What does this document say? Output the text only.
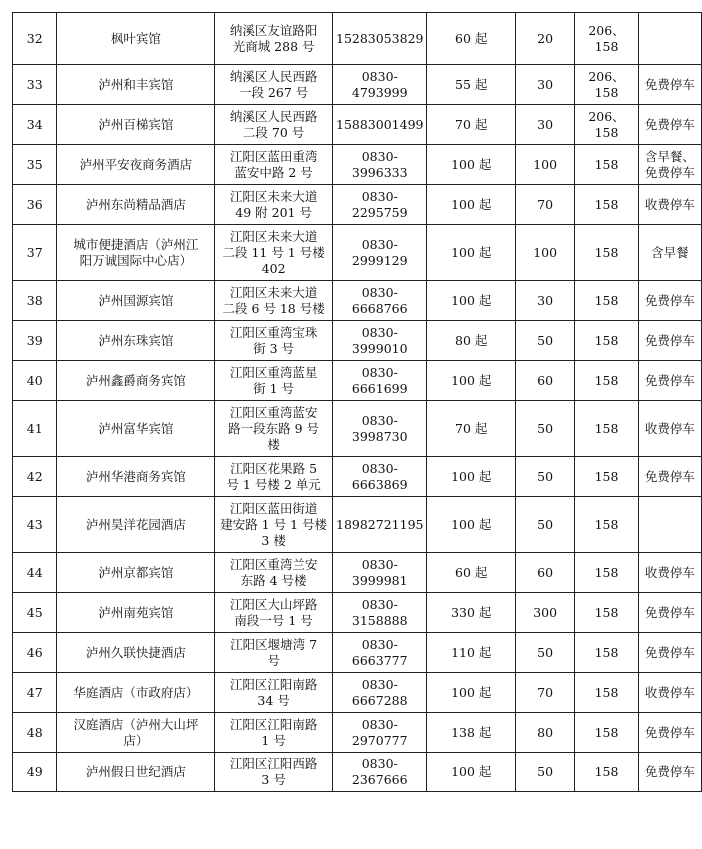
32	枫叶宾馆	纳溪区友谊路阳
光商城 288 号	15283053829	60 起	20	206、158	
33	泸州和丰宾馆	纳溪区人民西路
一段 267 号	0830-4793999	55 起	30	206、158	免费停车
34	泸州百梯宾馆	纳溪区人民西路
二段 70 号	15883001499	70 起	30	206、158	免费停车
35	泸州平安夜商务酒店	江阳区蓝田重湾
蓝安中路 2 号	0830-3996333	100 起	100	158	含早餐、
免费停车
36	泸州东尚精品酒店	江阳区未来大道
49 附 201 号	0830-2295759	100 起	70	158	收费停车
37	城市便捷酒店（泸州江
阳万诚国际中心店）	江阳区未来大道
二段 11 号 1 号楼
402	0830-2999129	100 起	100	158	含早餐
38	泸州国源宾馆	江阳区未来大道
二段 6 号 18 号楼	0830-6668766	100 起	30	158	免费停车
39	泸州东珠宾馆	江阳区重湾宝珠
街 3 号	0830-3999010	80 起	50	158	免费停车
40	泸州鑫爵商务宾馆	江阳区重湾蓝星
街 1 号	0830-6661699	100 起	60	158	免费停车
41	泸州富华宾馆	江阳区重湾蓝安
路一段东路 9 号
楼	0830-3998730	70 起	50	158	收费停车
42	泸州华港商务宾馆	江阳区花果路 5
号 1 号楼 2 单元	0830-6663869	100 起	50	158	免费停车
43	泸州昊洋花园酒店	江阳区蓝田街道
建安路 1 号 1 号楼
3 楼	18982721195	100 起	50	158	
44	泸州京都宾馆	江阳区重湾兰安
东路 4 号楼	0830-3999981	60 起	60	158	收费停车
45	泸州南苑宾馆	江阳区大山坪路
南段一号 1 号	0830-3158888	330 起	300	158	免费停车
46	泸州久联快捷酒店	江阳区堰塘湾 7
号	0830-6663777	110 起	50	158	免费停车
47	华庭酒店（市政府店）	江阳区江阳南路
34 号	0830-6667288	100 起	70	158	收费停车
48	汉庭酒店（泸州大山坪
店）	江阳区江阳南路
1 号	0830-2970777	138 起	80	158	免费停车
49	泸州假日世纪酒店	江阳区江阳西路
3 号	0830-2367666	100 起	50	158	免费停车
